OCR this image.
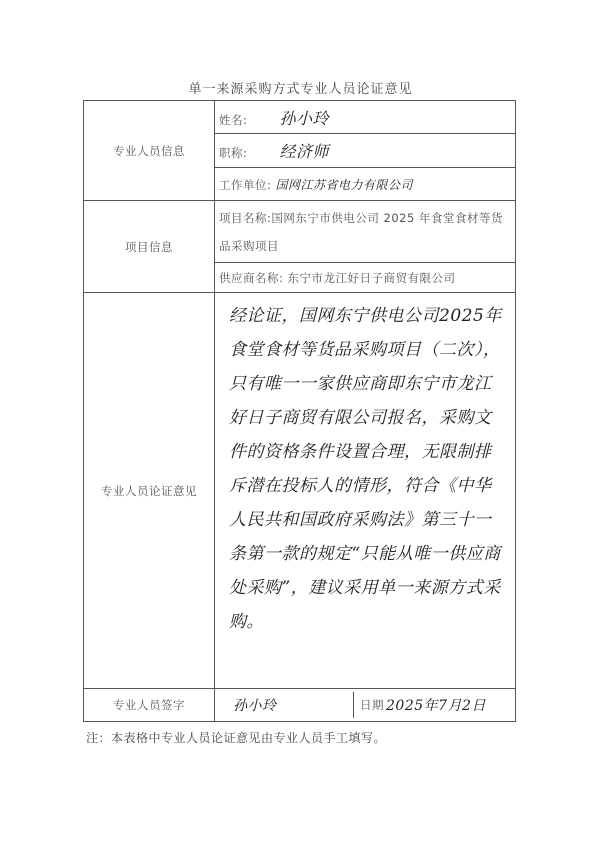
单一来源采购方式专业人员论证意见
专业人员信息	姓名: 孙小玲
	职称: 经济师
	工作单位: 国网江苏省电力有限公司
项目信息	项目名称:国网东宁市供电公司 2025 年食堂食材等货品采购项目
	供应商名称: 东宁市龙江好日子商贸有限公司
专业人员论证意见	经论证，国网东宁供电公司2025年食堂食材等货品采购项目（二次），只有唯一一家供应商即东宁市龙江好日子商贸有限公司报名，采购文件的资格条件设置合理，无限制排斥潜在投标人的情形，符合《中华人民共和国政府采购法》第三十一条第一款的规定“只能从唯一供应商处采购”，建议采用单一来源方式采购。

专业人员签字	孙小玲 日期 2025年7月2日
注：本表格中专业人员论证意见由专业人员手工填写。
